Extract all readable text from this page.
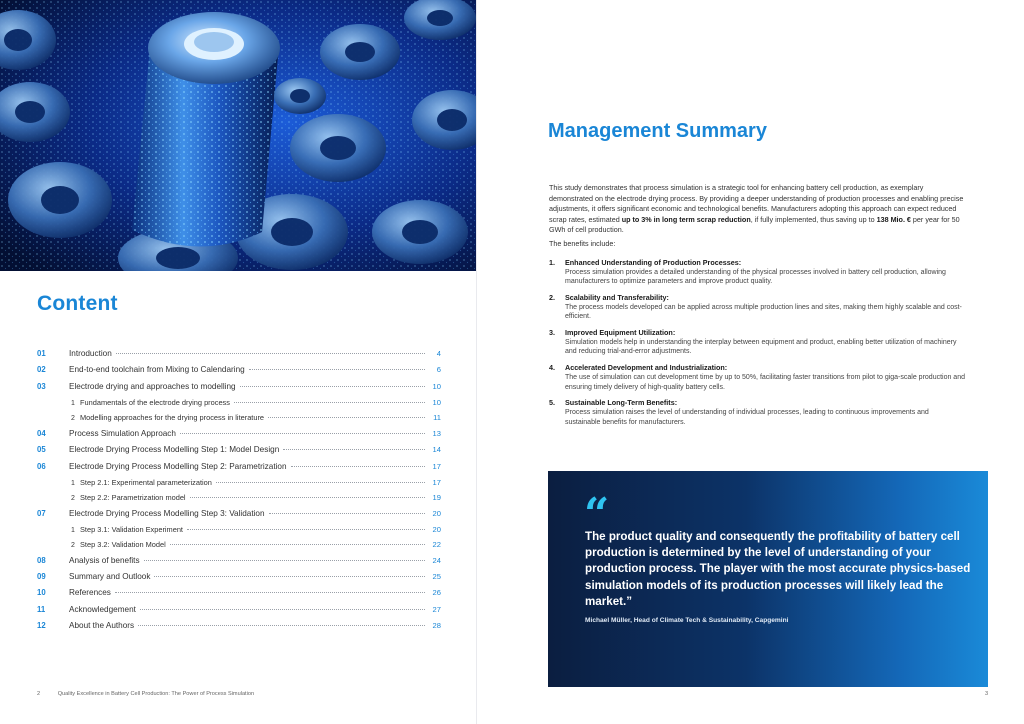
Content
01	Introduction	4
02	End-to-end toolchain from Mixing to Calendaring	6
03	Electrode drying and approaches to modelling	10
1 Fundamentals of the electrode drying process	10
2 Modelling approaches for the drying process in literature	11
04	Process Simulation Approach	13
05	Electrode Drying Process Modelling Step 1: Model Design	14
06	Electrode Drying Process Modelling Step 2: Parametrization	17
1 Step 2.1: Experimental parameterization	17
2 Step 2.2: Parametrization model	19
07	Electrode Drying Process Modelling Step 3: Validation	20
1 Step 3.1: Validation Experiment	20
2 Step 3.2: Validation Model	22
08	Analysis of benefits	24
09	Summary and Outlook	25
10	References	26
11	Acknowledgement	27
12	About the Authors	28
2	Quality Excellence in Battery Cell Production: The Power of Process Simulation
Management Summary

This study demonstrates that process simulation is a strategic tool for enhancing battery cell production, as exemplary demonstrated on the electrode drying process. By providing a deeper understanding of production processes and enabling precise adjustments, it offers significant economic and technological benefits. Manufacturers adopting this approach can expect reduced scrap rates, estimated up to 3% in long term scrap reduction, if fully implemented, thus saving up to 138 Mio. € per year for 50 GWh of cell production.

The benefits include:
1. Enhanced Understanding of Production Processes:
Process simulation provides a detailed understanding of the physical processes involved in battery cell production, allowing manufacturers to optimize parameters and improve product quality.
2. Scalability and Transferability:
The process models developed can be applied across multiple production lines and sites, making them highly scalable and cost-efficient.
3. Improved Equipment Utilization:
Simulation models help in understanding the interplay between equipment and product, enabling better utilization of machinery and reducing trial-and-error adjustments.
4. Accelerated Development and Industrialization:
The use of simulation can cut development time by up to 50%, facilitating faster transitions from pilot to giga-scale production and ensuring timely delivery of high-quality battery cells.
5. Sustainable Long-Term Benefits:
Process simulation raises the level of understanding of individual processes, leading to continuous improvements and sustainable benefits for manufacturers.
“
The product quality and consequently the profitability of battery cell production is determined by the level of understanding of your production process. The player with the most accurate physics-based simulation models of its production processes will likely lead the market.”
Michael Müller, Head of Climate Tech & Sustainability, Capgemini
3
